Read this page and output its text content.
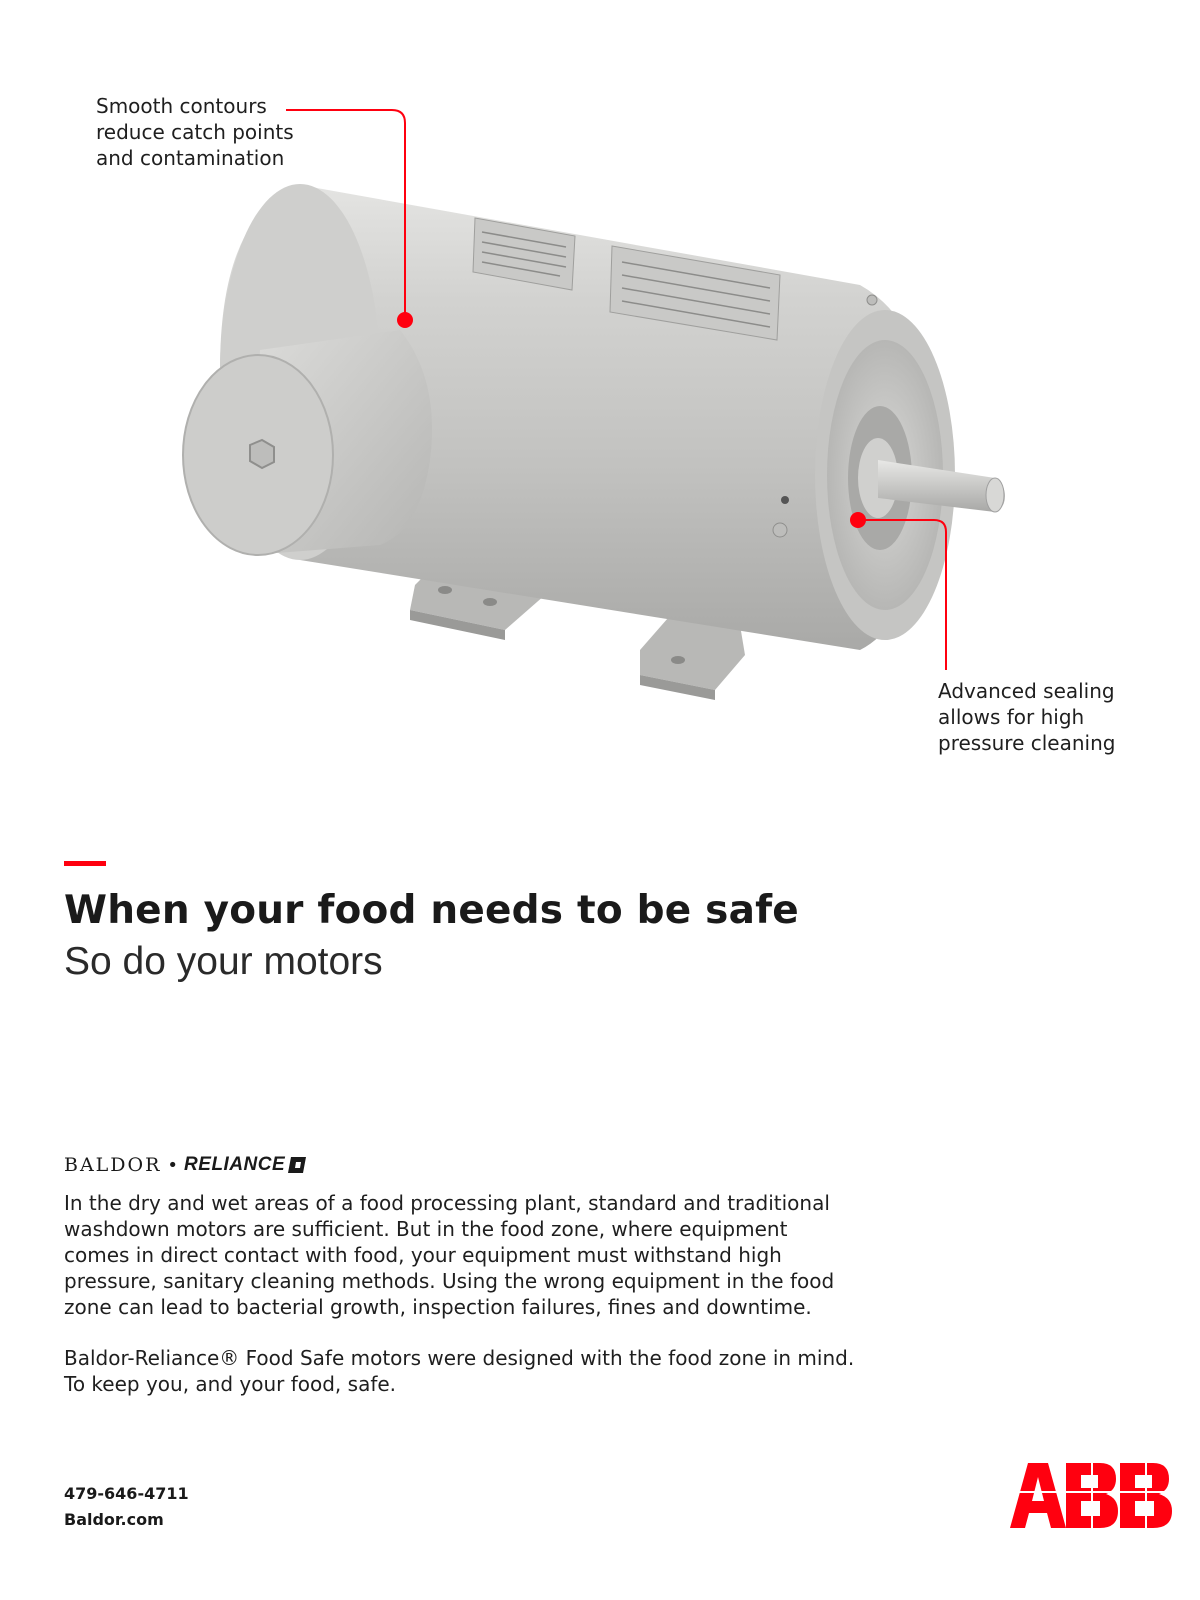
Smooth contours
reduce catch points
and contamination
Advanced sealing
allows for high
pressure cleaning
When your food needs to be safe
So do your motors
BALDOR • RELIANCE
In the dry and wet areas of a food processing plant, standard and traditional
washdown motors are sufficient. But in the food zone, where equipment
comes in direct contact with food, your equipment must withstand high
pressure, sanitary cleaning methods. Using the wrong equipment in the food
zone can lead to bacterial growth, inspection failures, fines and downtime.
Baldor-Reliance® Food Safe motors were designed with the food zone in mind.
To keep you, and your food, safe.
479-646-4711
Baldor.com
ABB
